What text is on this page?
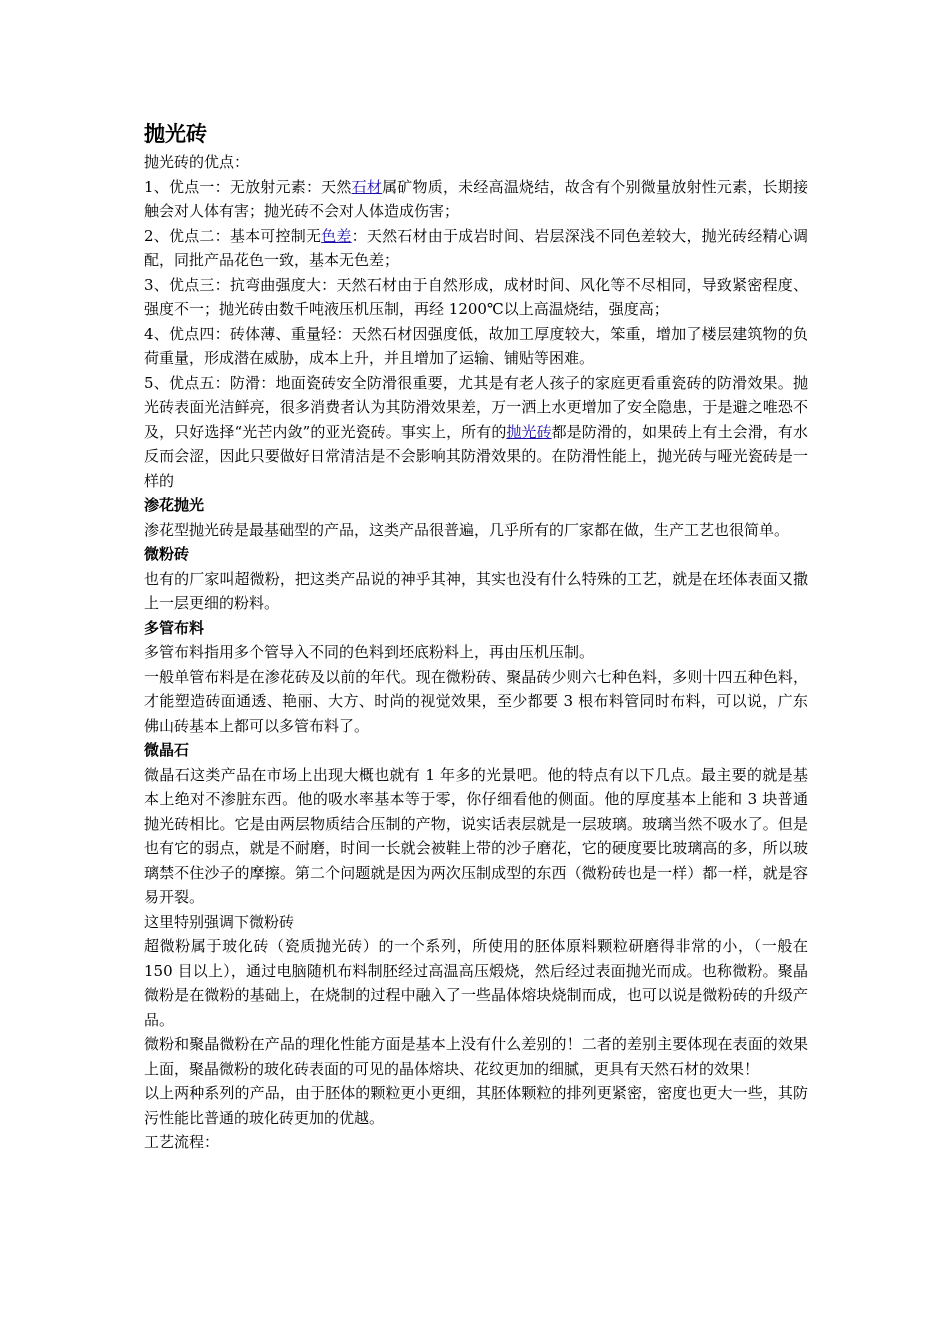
抛光砖

抛光砖的优点：

1、优点一：无放射元素：天然石材属矿物质，未经高温烧结，故含有个别微量放射性元素，长期接触会对人体有害；抛光砖不会对人体造成伤害；

2、优点二：基本可控制无色差：天然石材由于成岩时间、岩层深浅不同色差较大，抛光砖经精心调配，同批产品花色一致，基本无色差；

3、优点三：抗弯曲强度大：天然石材由于自然形成，成材时间、风化等不尽相同，导致紧密程度、强度不一；抛光砖由数千吨液压机压制，再经 1200℃以上高温烧结，强度高；

4、优点四：砖体薄、重量轻：天然石材因强度低，故加工厚度较大，笨重，增加了楼层建筑物的负荷重量，形成潜在威胁，成本上升，并且增加了运输、铺贴等困难。

5、优点五：防滑：地面瓷砖安全防滑很重要，尤其是有老人孩子的家庭更看重瓷砖的防滑效果。抛光砖表面光洁鲜亮，很多消费者认为其防滑效果差，万一洒上水更增加了安全隐患，于是避之唯恐不及，只好选择“光芒内敛”的亚光瓷砖。事实上，所有的抛光砖都是防滑的，如果砖上有土会滑，有水反而会涩，因此只要做好日常清洁是不会影响其防滑效果的。在防滑性能上，抛光砖与哑光瓷砖是一样的

渗花抛光

渗花型抛光砖是最基础型的产品，这类产品很普遍，几乎所有的厂家都在做，生产工艺也很简单。

微粉砖

也有的厂家叫超微粉，把这类产品说的神乎其神，其实也没有什么特殊的工艺，就是在坯体表面又撒上一层更细的粉料。

多管布料

多管布料指用多个管导入不同的色料到坯底粉料上，再由压机压制。

一般单管布料是在渗花砖及以前的年代。现在微粉砖、聚晶砖少则六七种色料，多则十四五种色料，才能塑造砖面通透、艳丽、大方、时尚的视觉效果，至少都要 3 根布料管同时布料，可以说，广东佛山砖基本上都可以多管布料了。

微晶石

微晶石这类产品在市场上出现大概也就有 1 年多的光景吧。他的特点有以下几点。最主要的就是基本上绝对不渗脏东西。他的吸水率基本等于零，你仔细看他的侧面。他的厚度基本上能和 3 块普通抛光砖相比。它是由两层物质结合压制的产物，说实话表层就是一层玻璃。玻璃当然不吸水了。但是也有它的弱点，就是不耐磨，时间一长就会被鞋上带的沙子磨花，它的硬度要比玻璃高的多，所以玻璃禁不住沙子的摩擦。第二个问题就是因为两次压制成型的东西（微粉砖也是一样）都一样，就是容易开裂。

这里特别强调下微粉砖

超微粉属于玻化砖（瓷质抛光砖）的一个系列，所使用的胚体原料颗粒研磨得非常的小，（一般在 150 目以上），通过电脑随机布料制胚经过高温高压煅烧，然后经过表面抛光而成。也称微粉。聚晶微粉是在微粉的基础上，在烧制的过程中融入了一些晶体熔块烧制而成，也可以说是微粉砖的升级产品。

微粉和聚晶微粉在产品的理化性能方面是基本上没有什么差别的！二者的差别主要体现在表面的效果上面，聚晶微粉的玻化砖表面的可见的晶体熔块、花纹更加的细腻，更具有天然石材的效果！

以上两种系列的产品，由于胚体的颗粒更小更细，其胚体颗粒的排列更紧密，密度也更大一些，其防污性能比普通的玻化砖更加的优越。

工艺流程：
